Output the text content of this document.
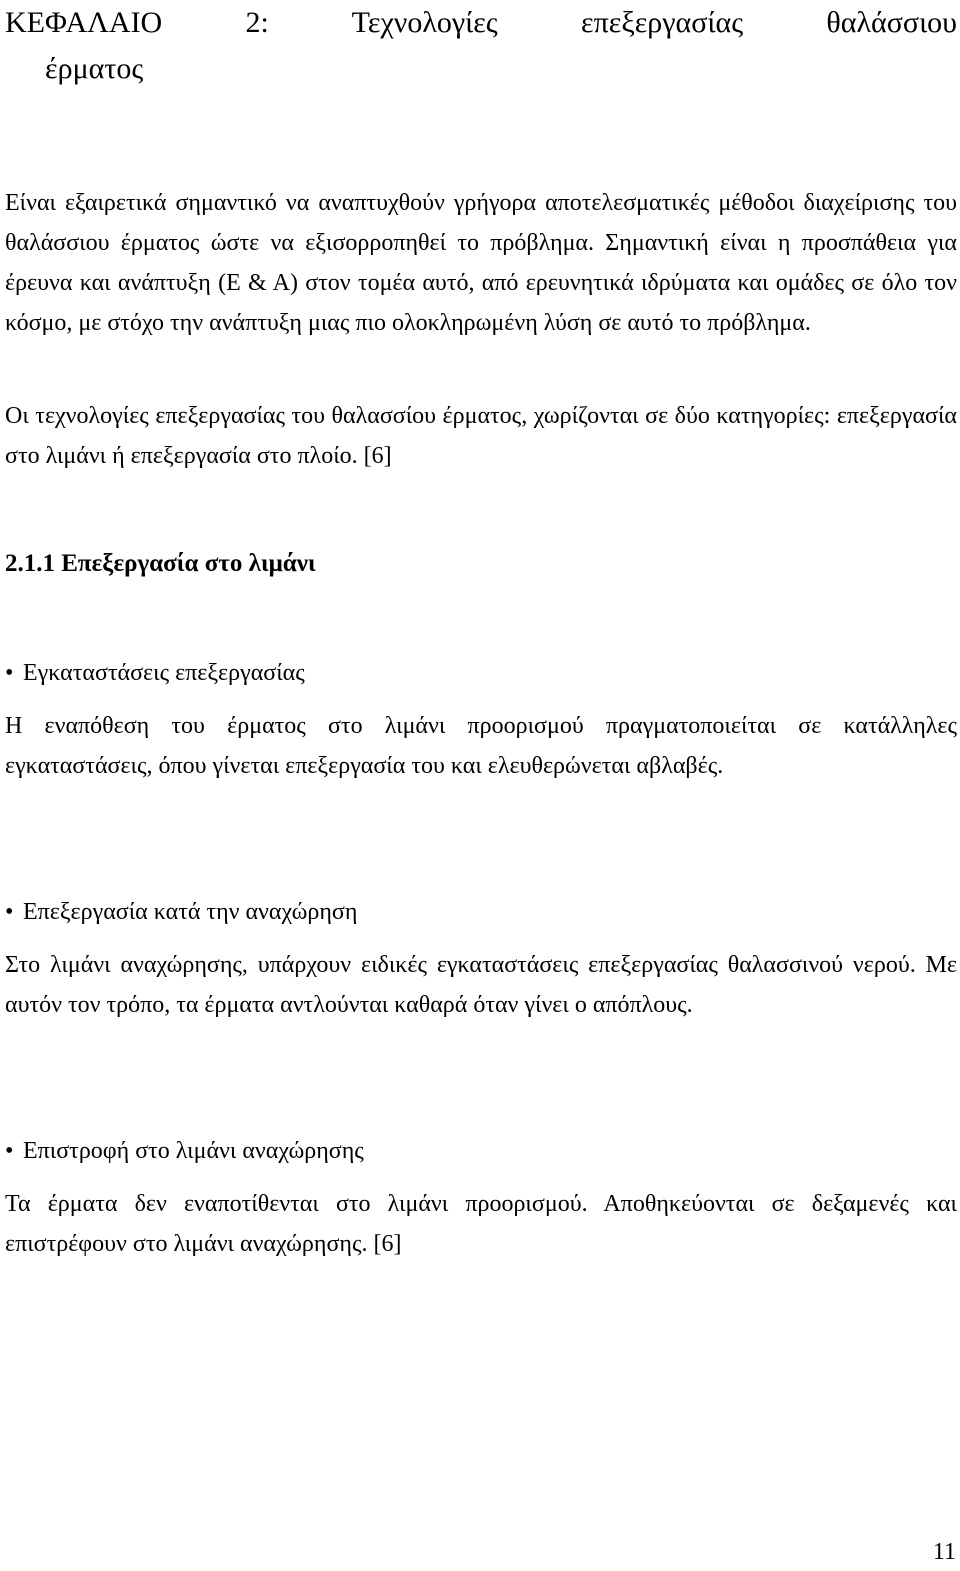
ΚΕΦΑΛΑΙΟ 2: Τεχνολογίες επεξεργασίας θαλάσσιου
έρματος

Είναι εξαιρετικά σημαντικό να αναπτυχθούν γρήγορα αποτελεσματικές μέθοδοι διαχείρισης του θαλάσσιου έρματος ώστε να εξισορροπηθεί το πρόβλημα. Σημαντική είναι η προσπάθεια για έρευνα και ανάπτυξη (Ε & Α) στον τομέα αυτό, από ερευνητικά ιδρύματα και ομάδες σε όλο τον κόσμο, με στόχο την ανάπτυξη μιας πιο ολοκληρωμένη λύση σε αυτό το πρόβλημα.

Οι τεχνολογίες επεξεργασίας του θαλασσίου έρματος, χωρίζονται σε δύο κατηγορίες: επεξεργασία στο λιμάνι ή επεξεργασία στο πλοίο. [6]

2.1.1 Επεξεργασία στο λιμάνι
• Εγκαταστάσεις επεξεργασίας

Η εναπόθεση του έρματος στο λιμάνι προορισμού πραγματοποιείται σε κατάλληλες εγκαταστάσεις, όπου γίνεται επεξεργασία του και ελευθερώνεται αβλαβές.

• Επεξεργασία κατά την αναχώρηση

Στο λιμάνι αναχώρησης, υπάρχουν ειδικές εγκαταστάσεις επεξεργασίας θαλασσινού νερού. Με αυτόν τον τρόπο, τα έρματα αντλούνται καθαρά όταν γίνει ο απόπλους.

• Επιστροφή στο λιμάνι αναχώρησης

Τα έρματα δεν εναποτίθενται στο λιμάνι προορισμού. Αποθηκεύονται σε δεξαμενές και επιστρέφουν στο λιμάνι αναχώρησης. [6]

11
